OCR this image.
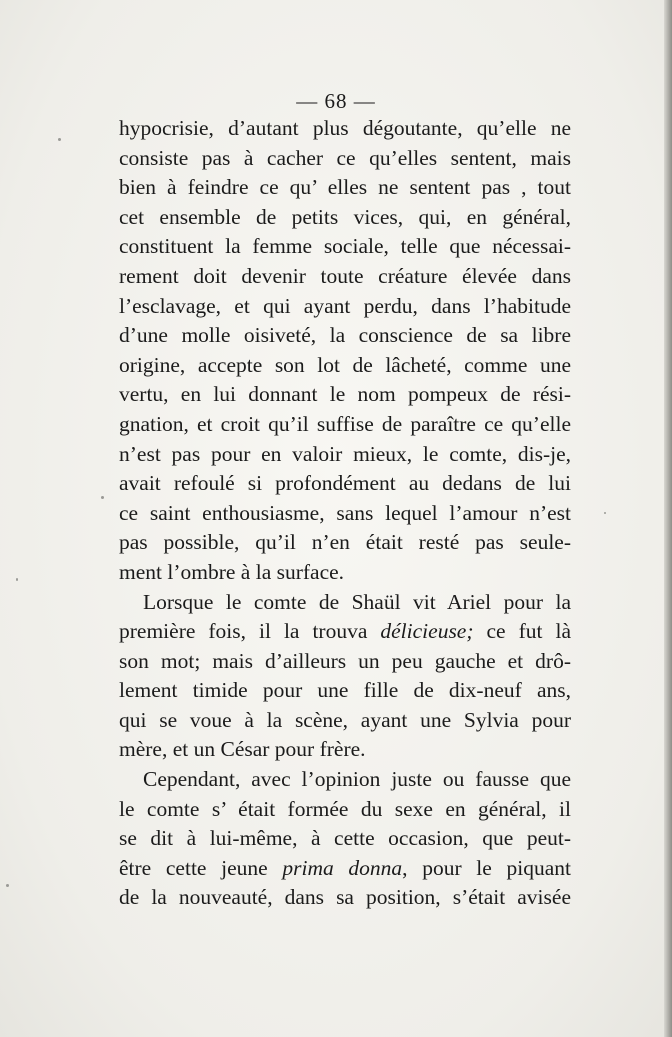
— 68 —
hypocrisie, d’autant plus dégoutante, qu’elle ne
consiste pas à cacher ce qu’elles sentent, mais
bien à feindre ce qu’ elles ne sentent pas , tout
cet ensemble de petits vices, qui, en général,
constituent la femme sociale, telle que nécessai-
rement doit devenir toute créature élevée dans
l’esclavage, et qui ayant perdu, dans l’habitude
d’une molle oisiveté, la conscience de sa libre
origine, accepte son lot de lâcheté, comme une
vertu, en lui donnant le nom pompeux de rési-
gnation, et croit qu’il suffise de paraître ce qu’elle
n’est pas pour en valoir mieux, le comte, dis-je,
avait refoulé si profondément au dedans de lui
ce saint enthousiasme, sans lequel l’amour n’est
pas possible, qu’il n’en était resté pas seule-
ment l’ombre à la surface.
Lorsque le comte de Shaül vit Ariel pour la
première fois, il la trouva délicieuse; ce fut là
son mot; mais d’ailleurs un peu gauche et drô-
lement timide pour une fille de dix-neuf ans,
qui se voue à la scène, ayant une Sylvia pour
mère, et un César pour frère.
Cependant, avec l’opinion juste ou fausse que
le comte s’ était formée du sexe en général, il
se dit à lui-même, à cette occasion, que peut-
être cette jeune prima donna, pour le piquant
de la nouveauté, dans sa position, s’était avisée
